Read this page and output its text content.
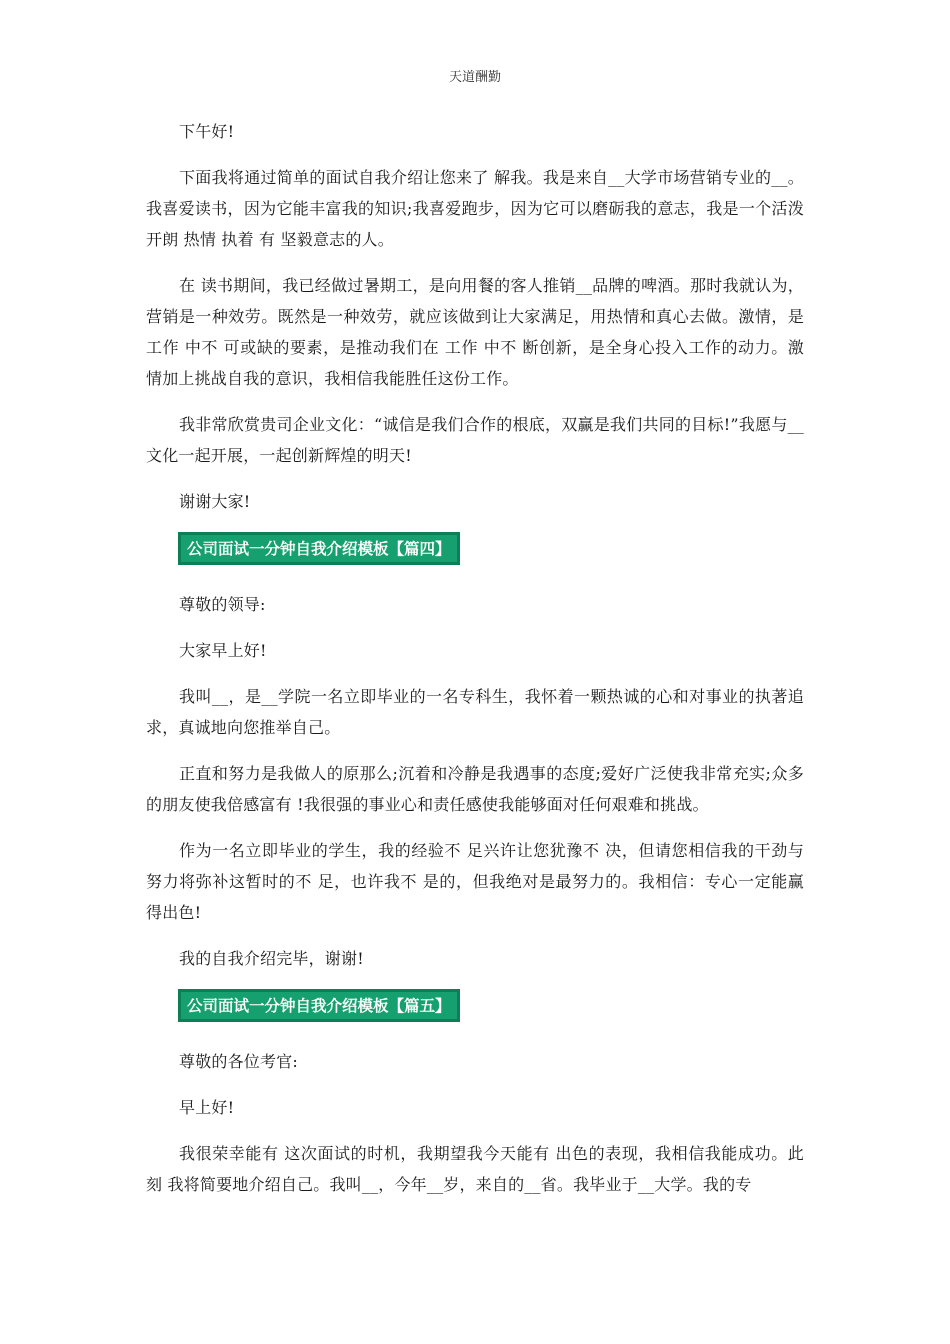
天道酬勤

下午好!

下面我将通过简单的面试自我介绍让您来了 解我。我是来自__大学市场营销专业的__。我喜爱读书，因为它能丰富我的知识;我喜爱跑步，因为它可以磨砺我的意志，我是一个活泼开朗 热情 执着 有 坚毅意志的人。

在 读书期间，我已经做过暑期工，是向用餐的客人推销__品牌的啤酒。那时我就认为，营销是一种效劳。既然是一种效劳，就应该做到让大家满足，用热情和真心去做。激情，是工作 中不 可或缺的要素，是推动我们在 工作 中不 断创新，是全身心投入工作的动力。激情加上挑战自我的意识，我相信我能胜任这份工作。

我非常欣赏贵司企业文化：“诚信是我们合作的根底，双赢是我们共同的目标!”我愿与__文化一起开展，一起创新辉煌的明天!

谢谢大家!

公司面试一分钟自我介绍模板【篇四】

尊敬的领导:

大家早上好!

我叫__，是__学院一名立即毕业的一名专科生，我怀着一颗热诚的心和对事业的执著追求，真诚地向您推举自己。

正直和努力是我做人的原那么;沉着和冷静是我遇事的态度;爱好广泛使我非常充实;众多的朋友使我倍感富有 !我很强的事业心和责任感使我能够面对任何艰难和挑战。

作为一名立即毕业的学生，我的经验不 足兴许让您犹豫不 决，但请您相信我的干劲与努力将弥补这暂时的不 足，也许我不 是的，但我绝对是最努力的。我相信：专心一定能赢得出色!

我的自我介绍完毕，谢谢!

公司面试一分钟自我介绍模板【篇五】

尊敬的各位考官:

早上好!

我很荣幸能有 这次面试的时机，我期望我今天能有 出色的表现，我相信我能成功。此刻 我将简要地介绍自己。我叫__，今年__岁，来自的__省。我毕业于__大学。我的专
